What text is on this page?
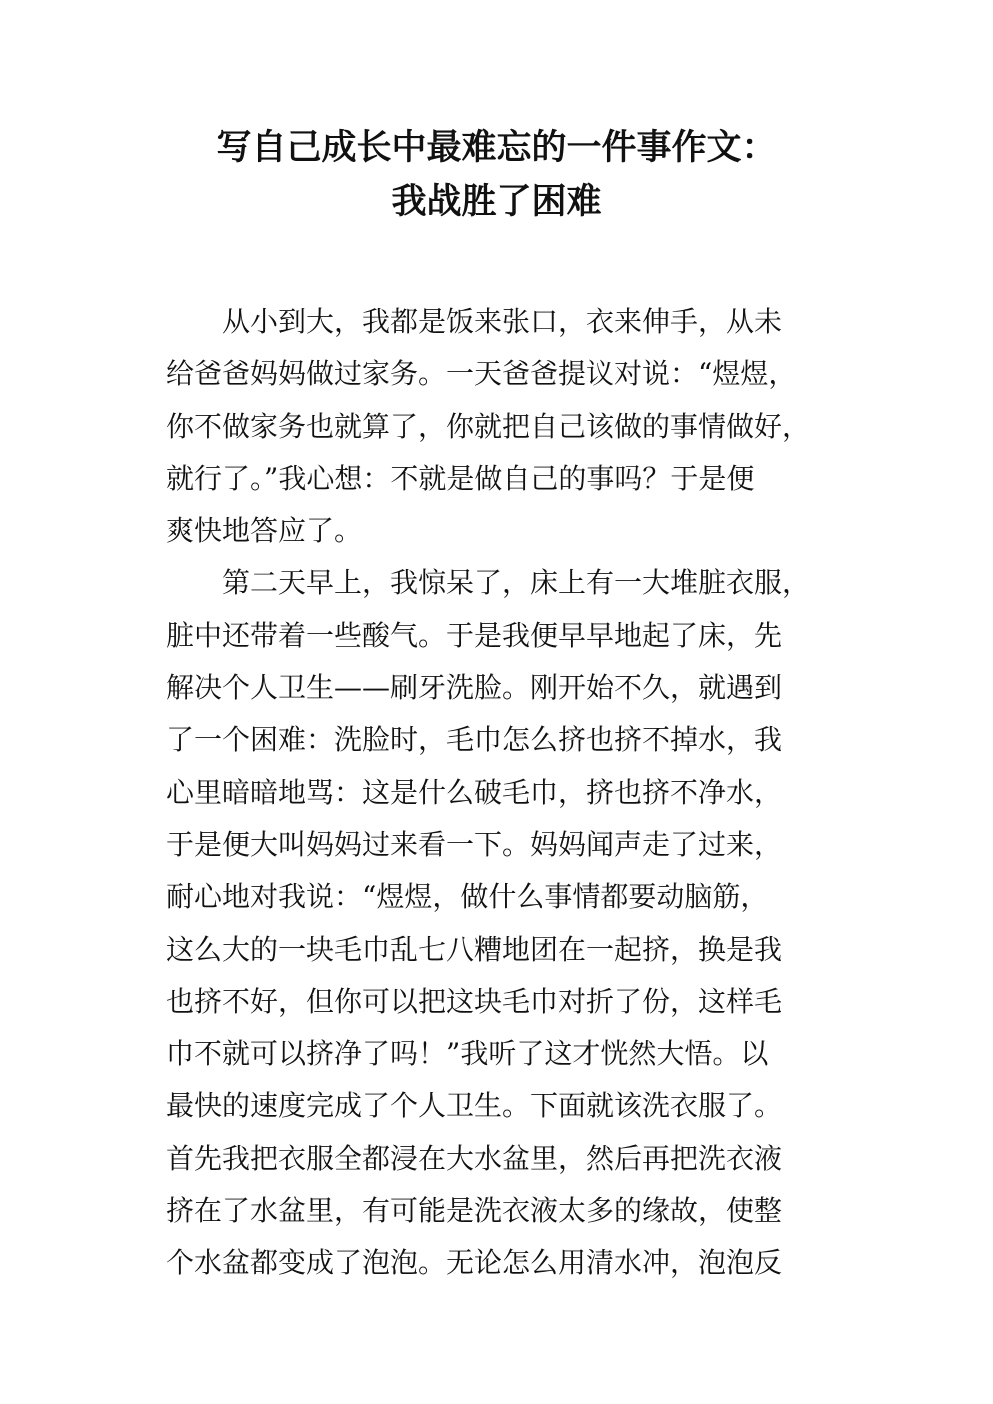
写自己成长中最难忘的一件事作文：
我战胜了困难
从小到大，我都是饭来张口，衣来伸手，从未
给爸爸妈妈做过家务。一天爸爸提议对说：“煜煜，
你不做家务也就算了，你就把自己该做的事情做好，
就行了。”我心想：不就是做自己的事吗？于是便
爽快地答应了。
第二天早上，我惊呆了，床上有一大堆脏衣服，
脏中还带着一些酸气。于是我便早早地起了床，先
解决个人卫生——刷牙洗脸。刚开始不久，就遇到
了一个困难：洗脸时，毛巾怎么挤也挤不掉水，我
心里暗暗地骂：这是什么破毛巾，挤也挤不净水，
于是便大叫妈妈过来看一下。妈妈闻声走了过来，
耐心地对我说：“煜煜，做什么事情都要动脑筋，
这么大的一块毛巾乱七八糟地团在一起挤，换是我
也挤不好，但你可以把这块毛巾对折了份，这样毛
巾不就可以挤净了吗！”我听了这才恍然大悟。以
最快的速度完成了个人卫生。下面就该洗衣服了。
首先我把衣服全都浸在大水盆里，然后再把洗衣液
挤在了水盆里，有可能是洗衣液太多的缘故，使整
个水盆都变成了泡泡。无论怎么用清水冲，泡泡反
